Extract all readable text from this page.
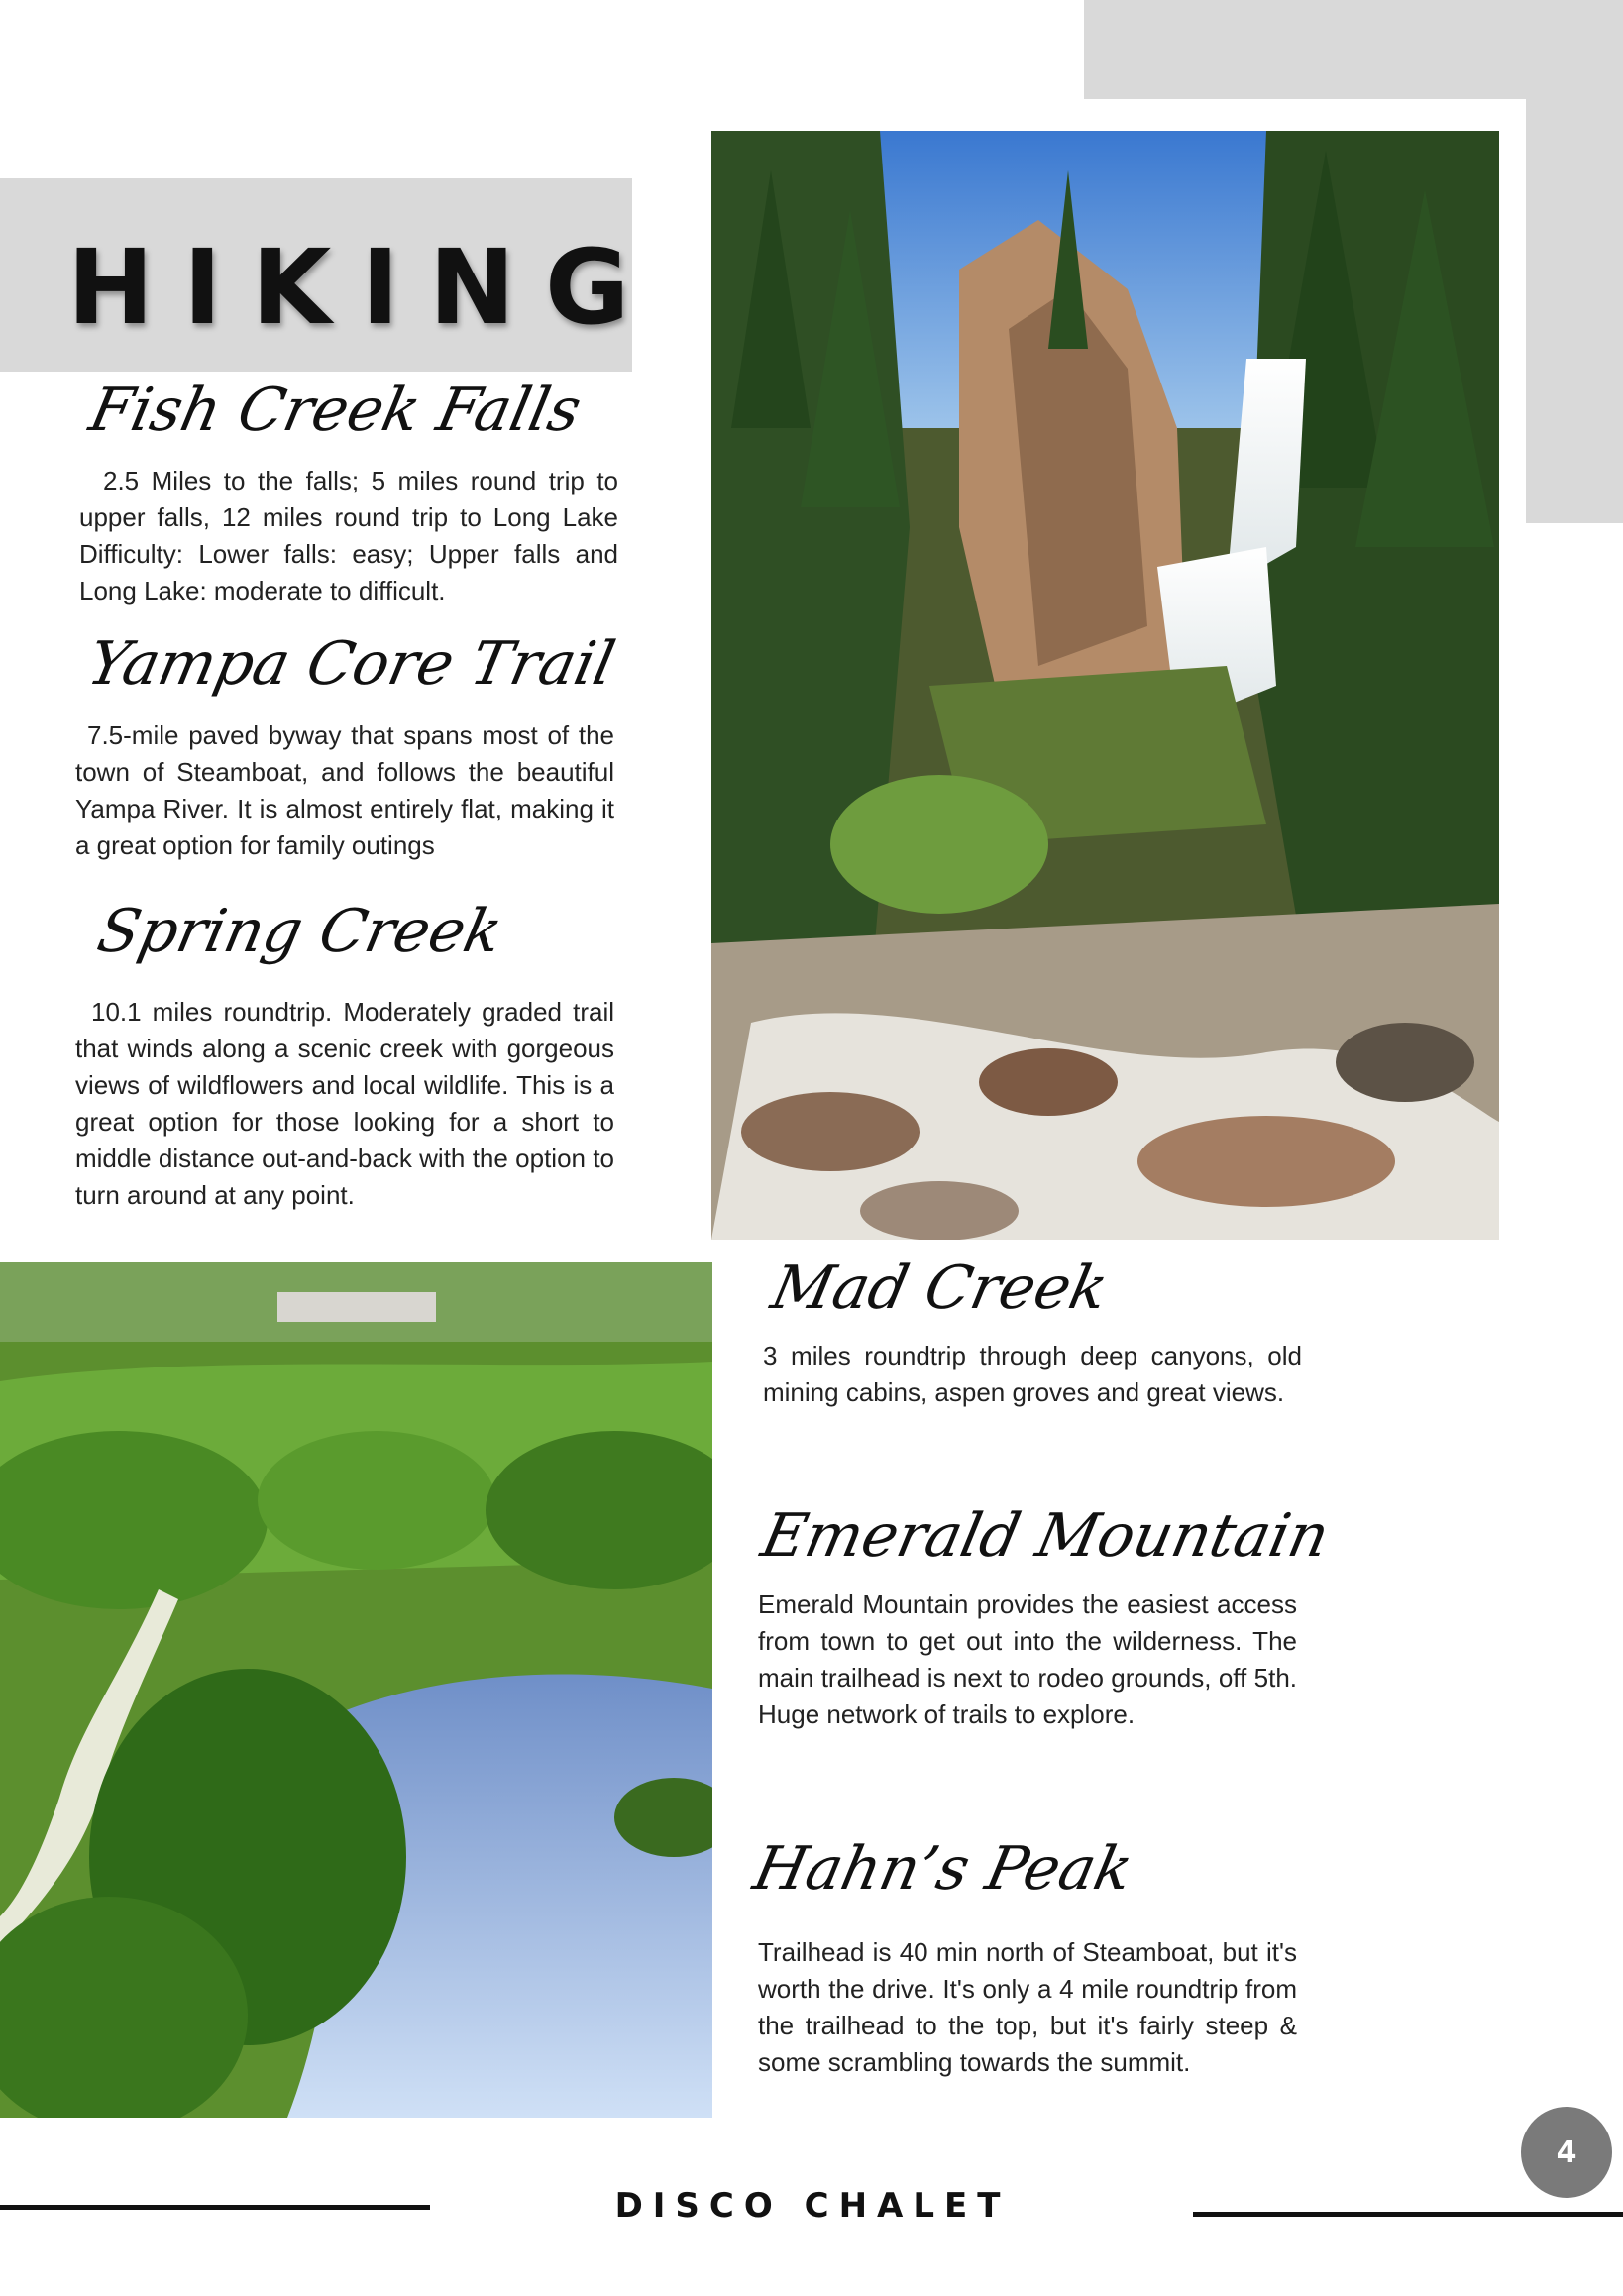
HIKING
Fish Creek Falls

2.5 Miles to the falls; 5 miles round trip to upper falls, 12 miles round trip to Long Lake Difficulty: Lower falls: easy; Upper falls and Long Lake: moderate to difficult.

Yampa Core Trail

7.5-mile paved byway that spans most of the town of Steamboat, and follows the beautiful Yampa River. It is almost entirely flat, making it a great option for family outings

Spring Creek

10.1 miles roundtrip. Moderately graded trail that winds along a scenic creek with gorgeous views of wildflowers and local wildlife. This is a great option for those looking for a short to middle distance out-and-back with the option to turn around at any point.

Mad Creek

3 miles roundtrip through deep canyons, old mining cabins, aspen groves and great views.

Emerald Mountain

Emerald Mountain provides the easiest access from town to get out into the wilderness. The main trailhead is next to rodeo grounds, off 5th. Huge network of trails to explore.

Hahn’s Peak

Trailhead is 40 min north of Steamboat, but it's worth the drive. It's only a 4 mile roundtrip from the trailhead to the top, but it's fairly steep & some scrambling towards the summit.

4
DISCO CHALET
